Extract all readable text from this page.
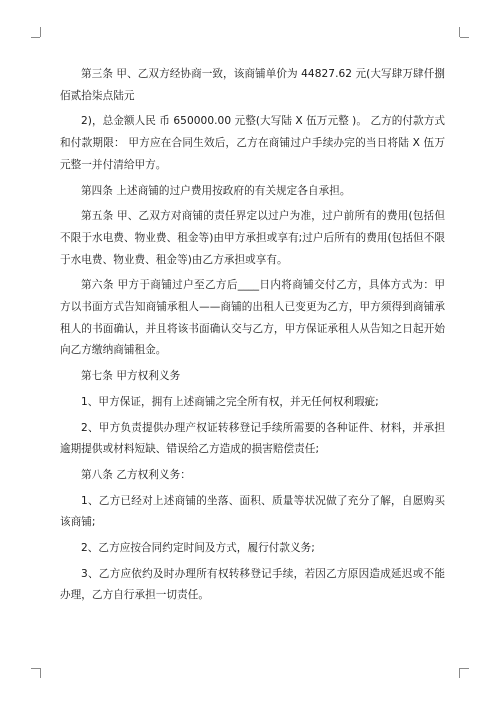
第三条 甲、乙双方经协商一致，该商铺单价为 44827.62 元(大写肆万肆仟捌佰贰拾柒点陆元

2)，总金额人民 币 650000.00 元整(大写陆 X 伍万元整 )。 乙方的付款方式和付款期限： 甲方应在合同生效后，乙方在商铺过户手续办完的当日将陆 X 伍万元整一并付清给甲方。

第四条 上述商铺的过户费用按政府的有关规定各自承担。

第五条 甲、乙双方对商铺的责任界定以过户为准，过户前所有的费用(包括但不限于水电费、物业费、租金等)由甲方承担或享有;过户后所有的费用(包括但不限于水电费、物业费、租金等)由乙方承担或享有。

第六条 甲方于商铺过户至乙方后____日内将商铺交付乙方，具体方式为：甲方以书面方式告知商铺承租人——商铺的出租人已变更为乙方，甲方须得到商铺承租人的书面确认，并且将该书面确认交与乙方，甲方保证承租人从告知之日起开始向乙方缴纳商铺租金。

第七条 甲方权利义务

1、甲方保证，拥有上述商铺之完全所有权，并无任何权利瑕疵;

2、甲方负责提供办理产权证转移登记手续所需要的各种证件、材料，并承担逾期提供或材料短缺、错误给乙方造成的损害赔偿责任;

第八条 乙方权利义务：

1、乙方已经对上述商铺的坐落、面积、质量等状况做了充分了解，自愿购买该商铺;

2、乙方应按合同约定时间及方式，履行付款义务;

3、乙方应依约及时办理所有权转移登记手续，若因乙方原因造成延迟或不能办理，乙方自行承担一切责任。
